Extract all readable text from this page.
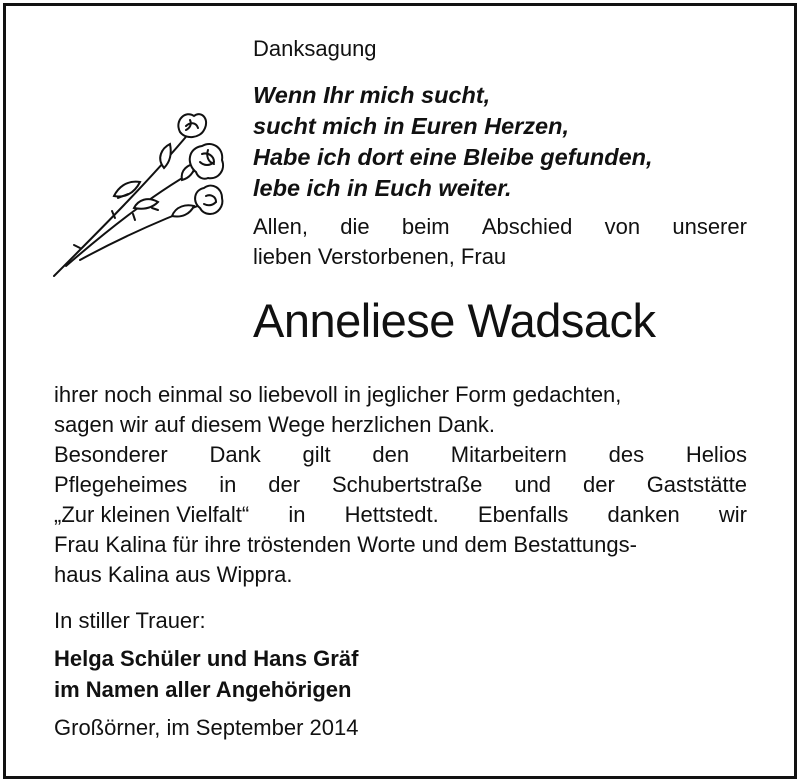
Danksagung
Wenn Ihr mich sucht,
sucht mich in Euren Herzen,
Habe ich dort eine Bleibe gefunden,
lebe ich in Euch weiter.
Allen, die beim Abschied von unserer
lieben Verstorbenen, Frau
Anneliese Wadsack
ihrer noch einmal so liebevoll in jeglicher Form gedachten,
sagen wir auf diesem Wege herzlichen Dank.
Besonderer Dank gilt den Mitarbeitern des Helios
Pflegeheimes in der Schubertstraße und der Gaststätte
„Zur kleinen Vielfalt“ in Hettstedt. Ebenfalls danken wir
Frau Kalina für ihre tröstenden Worte und dem Bestattungs-
haus Kalina aus Wippra.
In stiller Trauer:
Helga Schüler und Hans Gräf
im Namen aller Angehörigen
Großörner, im September 2014
